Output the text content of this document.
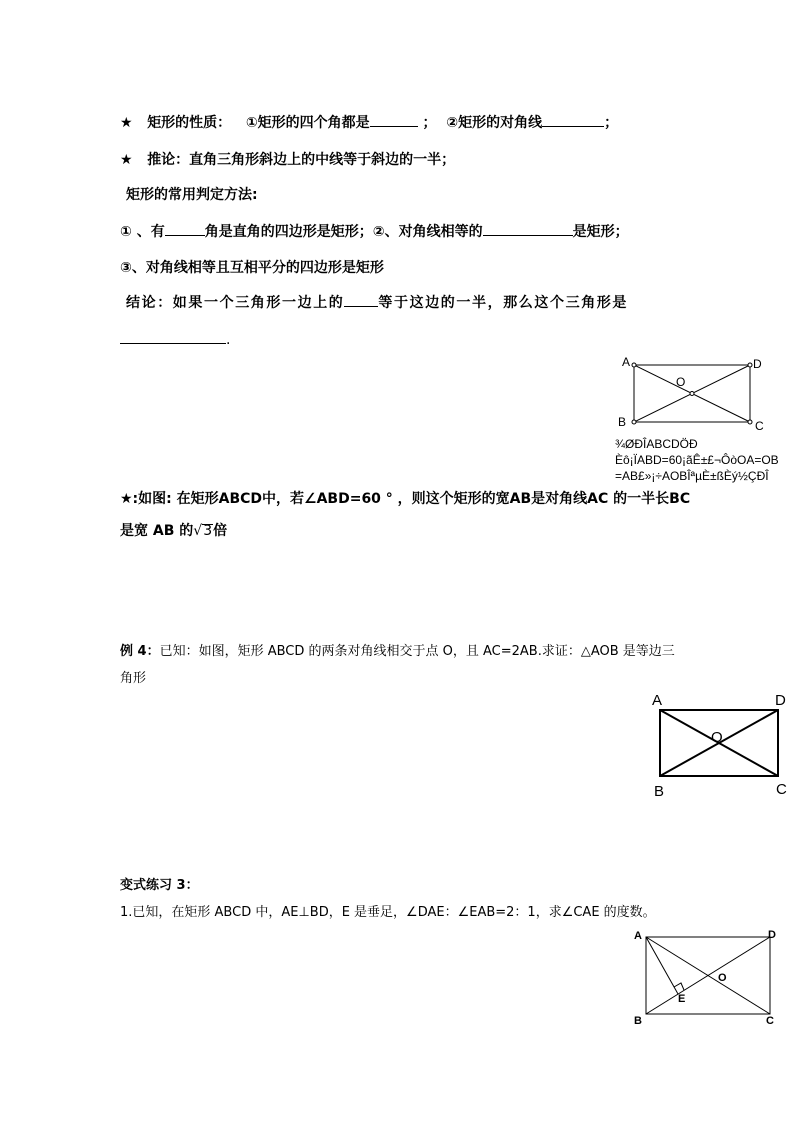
★ 矩形的性质： ①矩形的四个角都是	； ②矩形的对角线	；
★ 推论：直角三角形斜边上的中线等于斜边的一半；
矩形的常用判定方法:
① 、有	角是直角的四边形是矩形；②、对角线相等的	是矩形；
③、对角线相等且互相平分的四边形是矩形
结论：如果一个三角形一边上的 等于这边的一半，那么这个三角形是
.
A	D
B	C
O
¾ØÐÎABCDÖÐ
Èô¡ÏABD=60¡ãÊ±£¬ÔòOA=OB
=AB£»¡÷AOBÎªµÈ±ßÈý½ÇÐÎ
★:如图: 在矩形ABCD中，若∠ABD=60 ° ，则这个矩形的宽AB是对角线AC 的一半长BC
是宽 AB 的√3倍
例 4：已知：如图，矩形 ABCD 的两条对角线相交于点 O，且 AC=2AB.求证：△AOB 是等边三
角形
A	D
B	C
O
变式练习 3：
1.已知，在矩形 ABCD 中，AE⊥BD，E 是垂足，∠DAE：∠EAB=2：1，求∠CAE 的度数。
A	D
B	C
O
E
